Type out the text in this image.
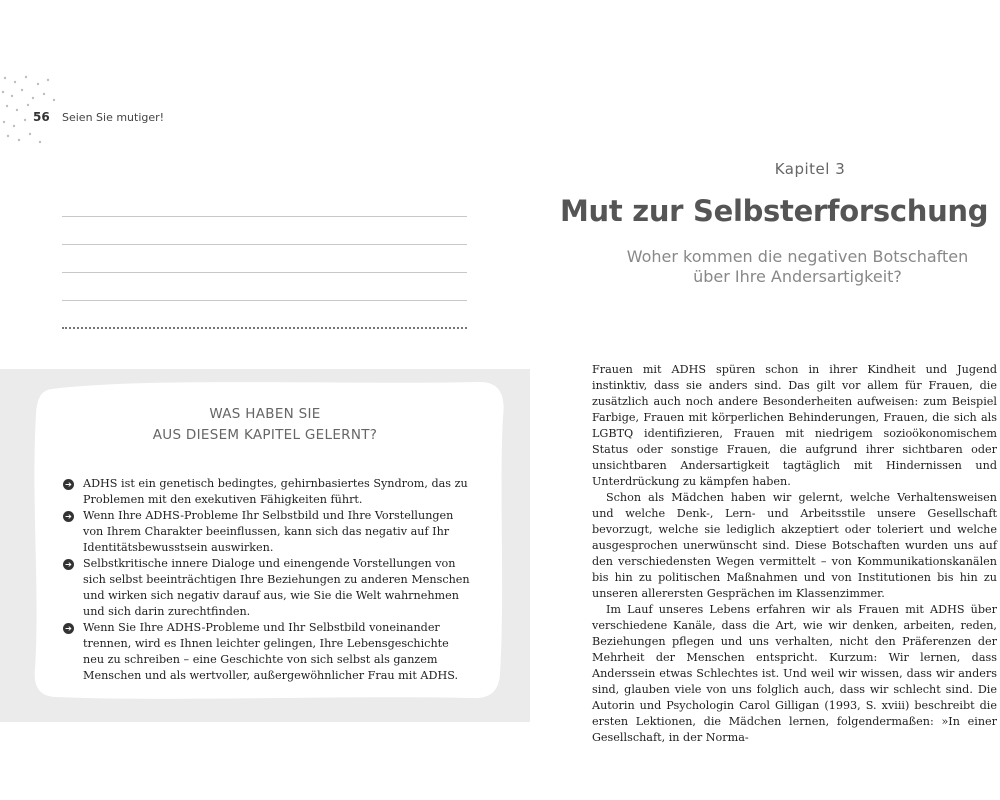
56 Seien Sie mutiger!
WAS HABEN SIE
AUS DIESEM KAPITEL GELERNT?
➔ ADHS ist ein genetisch bedingtes, gehirnbasiertes Syndrom, das zu Problemen mit den exekutiven Fähigkeiten führt.
➔ Wenn Ihre ADHS-Probleme Ihr Selbstbild und Ihre Vorstellungen von Ihrem Charakter beeinflussen, kann sich das negativ auf Ihr Identitätsbewusstsein auswirken.
➔ Selbstkritische innere Dialoge und einengende Vorstellungen von sich selbst beeinträchtigen Ihre Beziehungen zu anderen Menschen und wirken sich negativ darauf aus, wie Sie die Welt wahrnehmen und sich darin zurechtfinden.
➔ Wenn Sie Ihre ADHS-Probleme und Ihr Selbstbild voneinander trennen, wird es Ihnen leichter gelingen, Ihre Lebensgeschichte neu zu schreiben – eine Geschichte von sich selbst als ganzem Menschen und als wertvoller, außergewöhnlicher Frau mit ADHS.
Kapitel 3
Mut zur Selbsterforschung
Woher kommen die negativen Botschaften
über Ihre Andersartigkeit?

Frauen mit ADHS spüren schon in ihrer Kindheit und Jugend instinktiv, dass sie anders sind. Das gilt vor allem für Frauen, die zusätzlich auch noch andere Besonderheiten aufweisen: zum Beispiel Farbige, Frauen mit körperlichen Behinderungen, Frauen, die sich als LGBTQ identifizieren, Frauen mit niedrigem sozioökonomischem Status oder sonstige Frauen, die aufgrund ihrer sichtbaren oder unsichtbaren Andersartigkeit tagtäglich mit Hindernissen und Unterdrückung zu kämpfen haben.

Schon als Mädchen haben wir gelernt, welche Verhaltensweisen und welche Denk-, Lern- und Arbeitsstile unsere Gesellschaft bevorzugt, welche sie lediglich akzeptiert oder toleriert und welche ausgesprochen unerwünscht sind. Diese Botschaften wurden uns auf den verschiedensten Wegen vermittelt – von Kommunikationskanälen bis hin zu politischen Maßnahmen und von Institutionen bis hin zu unseren allerersten Gesprächen im Klassenzimmer.

Im Lauf unseres Lebens erfahren wir als Frauen mit ADHS über verschiedene Kanäle, dass die Art, wie wir denken, arbeiten, reden, Beziehungen pflegen und uns verhalten, nicht den Präferenzen der Mehrheit der Menschen entspricht. Kurzum: Wir lernen, dass Anderssein etwas Schlechtes ist. Und weil wir wissen, dass wir anders sind, glauben viele von uns folglich auch, dass wir schlecht sind. Die Autorin und Psychologin Carol Gilligan (1993, S. xviii) beschreibt die ersten Lektionen, die Mädchen lernen, folgendermaßen: »In einer Gesellschaft, in der Norma-
